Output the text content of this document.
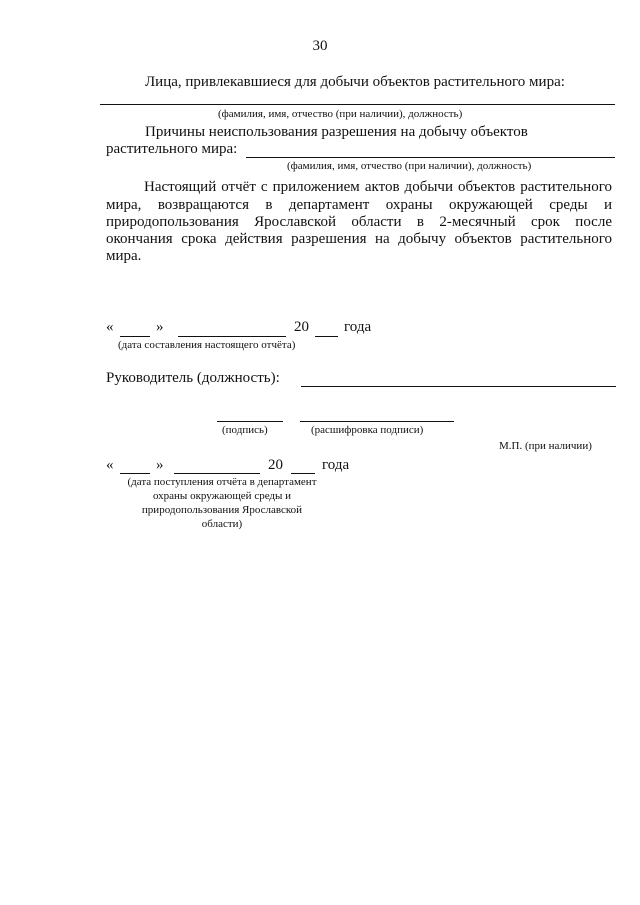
30
Лица, привлекавшиеся для добычи объектов растительного мира:
(фамилия, имя, отчество (при наличии), должность)
Причины неиспользования разрешения на добычу объектов
растительного мира:
(фамилия, имя, отчество (при наличии), должность)
Настоящий отчёт с приложением актов добычи объектов растительного
мира, возвращаются в департамент охраны окружающей среды и
природопользования Ярославской области в 2-месячный срок после
окончания срока действия разрешения на добычу объектов растительного
мира.
«	»	20 года
(дата составления настоящего отчёта)
Руководитель (должность):
(подпись)	(расшифровка подписи)
М.П. (при наличии)
«	»	20	года
(дата поступления отчёта в департамент
охраны окружающей среды и
природопользования Ярославской
области)
